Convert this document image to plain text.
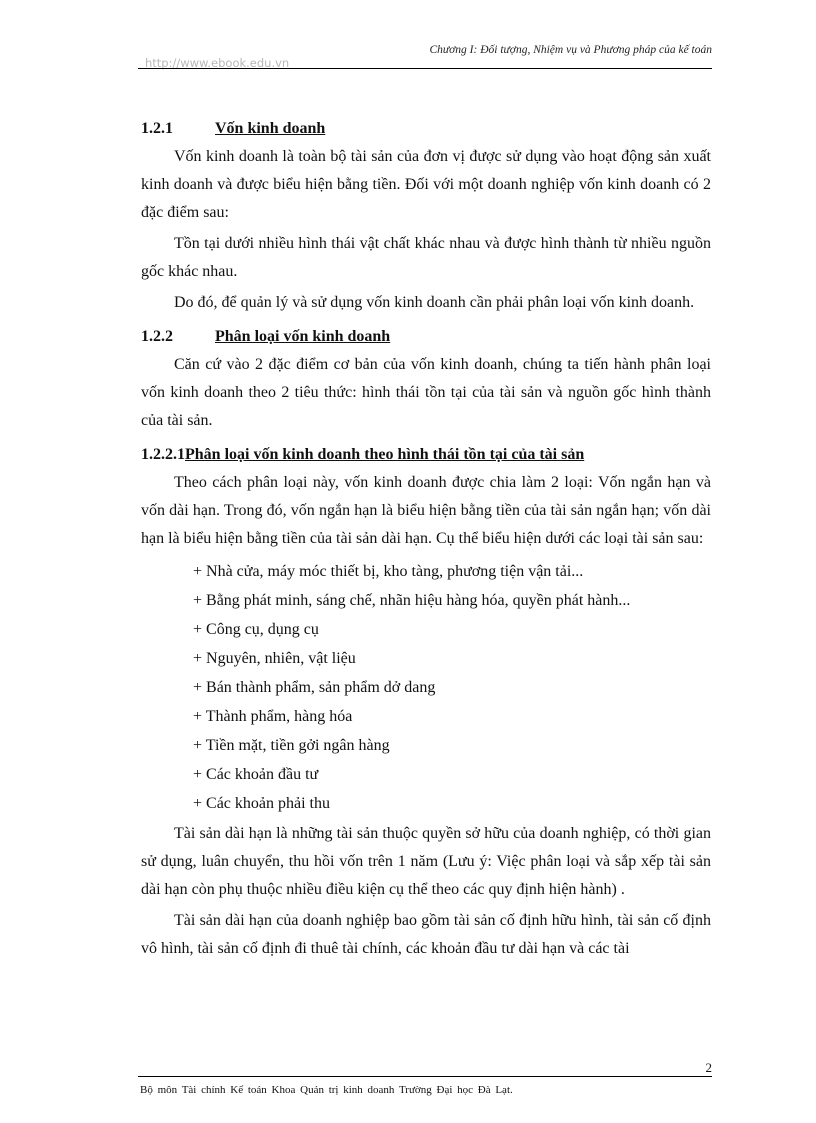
Chương I: Đối tượng, Nhiệm vụ và Phương pháp của kế toán
http://www.ebook.edu.vn
1.2.1	Vốn kinh doanh

Vốn kinh doanh là toàn bộ tài sản của đơn vị được sử dụng vào hoạt động sản xuất kinh doanh và được biểu hiện bằng tiền. Đối với một doanh nghiệp vốn kinh doanh có 2 đặc điểm sau:

Tồn tại dưới nhiều hình thái vật chất khác nhau và được hình thành từ nhiều nguồn gốc khác nhau.

Do đó, để quản lý và sử dụng vốn kinh doanh cần phải phân loại vốn kinh doanh.

1.2.2	Phân loại vốn kinh doanh

Căn cứ vào 2 đặc điểm cơ bản của vốn kinh doanh, chúng ta tiến hành phân loại vốn kinh doanh theo 2 tiêu thức: hình thái tồn tại của tài sản và nguồn gốc hình thành của tài sản.

1.2.2.1Phân loại vốn kinh doanh theo hình thái tồn tại của tài sản

Theo cách phân loại này, vốn kinh doanh được chia làm 2 loại: Vốn ngắn hạn và vốn dài hạn. Trong đó, vốn ngắn hạn là biểu hiện bằng tiền của tài sản ngắn hạn; vốn dài hạn là biểu hiện bằng tiền của tài sản dài hạn. Cụ thể biểu hiện dưới các loại tài sản sau:

+ Nhà cửa, máy móc thiết bị, kho tàng, phương tiện vận tải...
+ Bằng phát minh, sáng chế, nhãn hiệu hàng hóa, quyền phát hành...
+ Công cụ, dụng cụ
+ Nguyên, nhiên, vật liệu
+ Bán thành phẩm, sản phẩm dở dang
+ Thành phẩm, hàng hóa
+ Tiền mặt, tiền gởi ngân hàng
+ Các khoản đầu tư
+ Các khoản phải thu

Tài sản dài hạn là những tài sản thuộc quyền sở hữu của doanh nghiệp, có thời gian sử dụng, luân chuyển, thu hồi vốn trên 1 năm (Lưu ý: Việc phân loại và sắp xếp tài sản dài hạn còn phụ thuộc nhiều điều kiện cụ thể theo các quy định hiện hành) .

Tài sản dài hạn của doanh nghiệp bao gồm tài sản cố định hữu hình, tài sản cố định vô hình, tài sản cố định đi thuê tài chính, các khoản đầu tư dài hạn và các tài

2
Bộ môn Tài chính Kế toán Khoa Quản trị kinh doanh Trường Đại học Đà Lạt.
